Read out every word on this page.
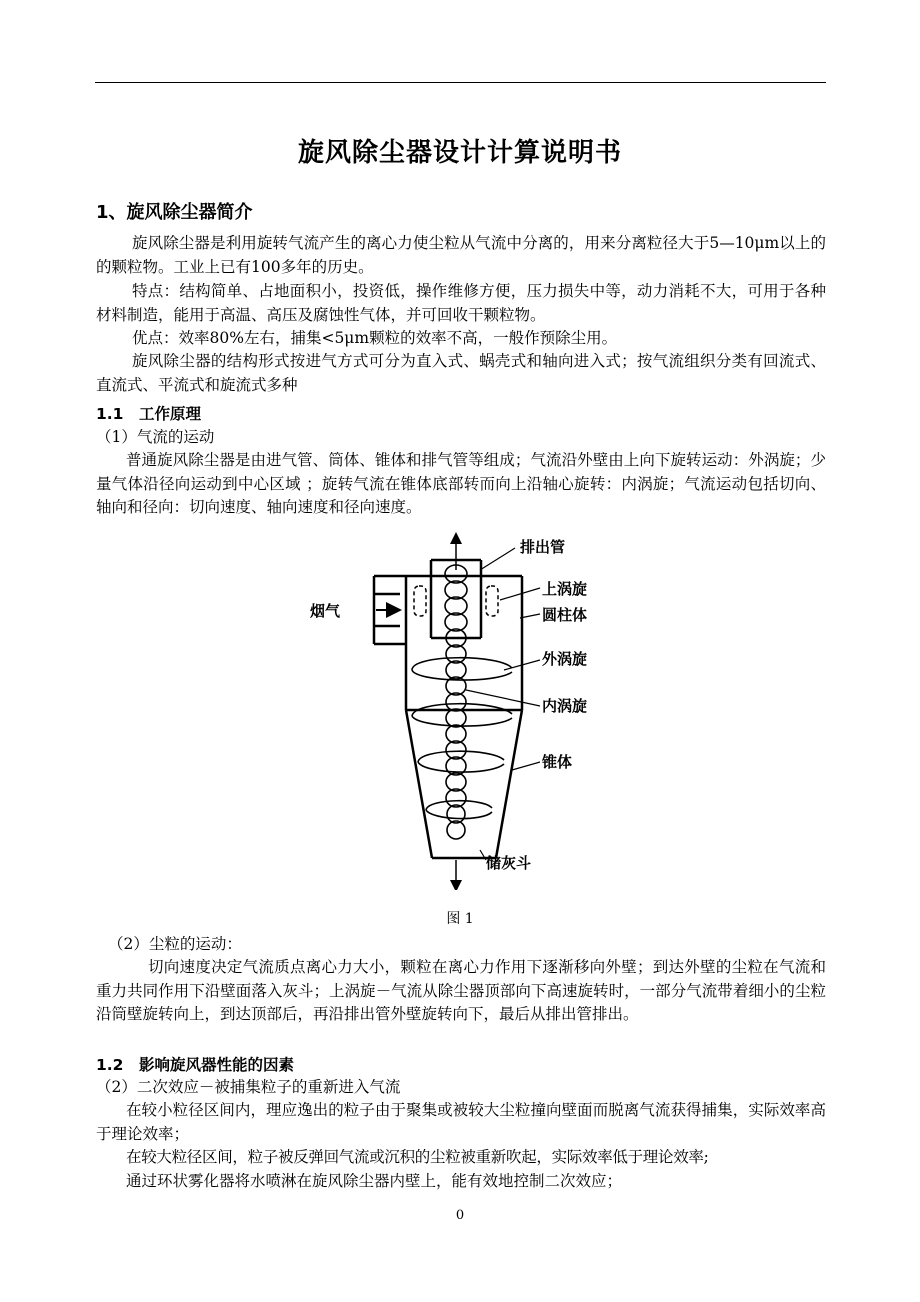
旋风除尘器设计计算说明书
1、旋风除尘器简介

旋风除尘器是利用旋转气流产生的离心力使尘粒从气流中分离的，用来分离粒径大于5—10μm以上的的颗粒物。工业上已有100多年的历史。

特点：结构简单、占地面积小，投资低，操作维修方便，压力损失中等，动力消耗不大，可用于各种材料制造，能用于高温、高压及腐蚀性气体，并可回收干颗粒物。

优点：效率80%左右，捕集<5μm颗粒的效率不高，一般作预除尘用。

旋风除尘器的结构形式按进气方式可分为直入式、蜗壳式和轴向进入式；按气流组织分类有回流式、直流式、平流式和旋流式多种

1.1　工作原理

（1）气流的运动

普通旋风除尘器是由进气管、筒体、锥体和排气管等组成；气流沿外壁由上向下旋转运动：外涡旋；少量气体沿径向运动到中心区域 ；旋转气流在锥体底部转而向上沿轴心旋转：内涡旋；气流运动包括切向、轴向和径向：切向速度、轴向速度和径向速度。

排出管
上涡旋
圆柱体
外涡旋
内涡旋
锥体
储灰斗
烟气
图 1

（2）尘粒的运动：

切向速度决定气流质点离心力大小，颗粒在离心力作用下逐渐移向外壁；到达外壁的尘粒在气流和重力共同作用下沿壁面落入灰斗；上涡旋－气流从除尘器顶部向下高速旋转时，一部分气流带着细小的尘粒沿筒壁旋转向上，到达顶部后，再沿排出管外壁旋转向下，最后从排出管排出。

1.2　影响旋风器性能的因素

（2）二次效应－被捕集粒子的重新进入气流

在较小粒径区间内，理应逸出的粒子由于聚集或被较大尘粒撞向壁面而脱离气流获得捕集，实际效率高于理论效率；

在较大粒径区间，粒子被反弹回气流或沉积的尘粒被重新吹起，实际效率低于理论效率;

通过环状雾化器将水喷淋在旋风除尘器内壁上，能有效地控制二次效应；

0
